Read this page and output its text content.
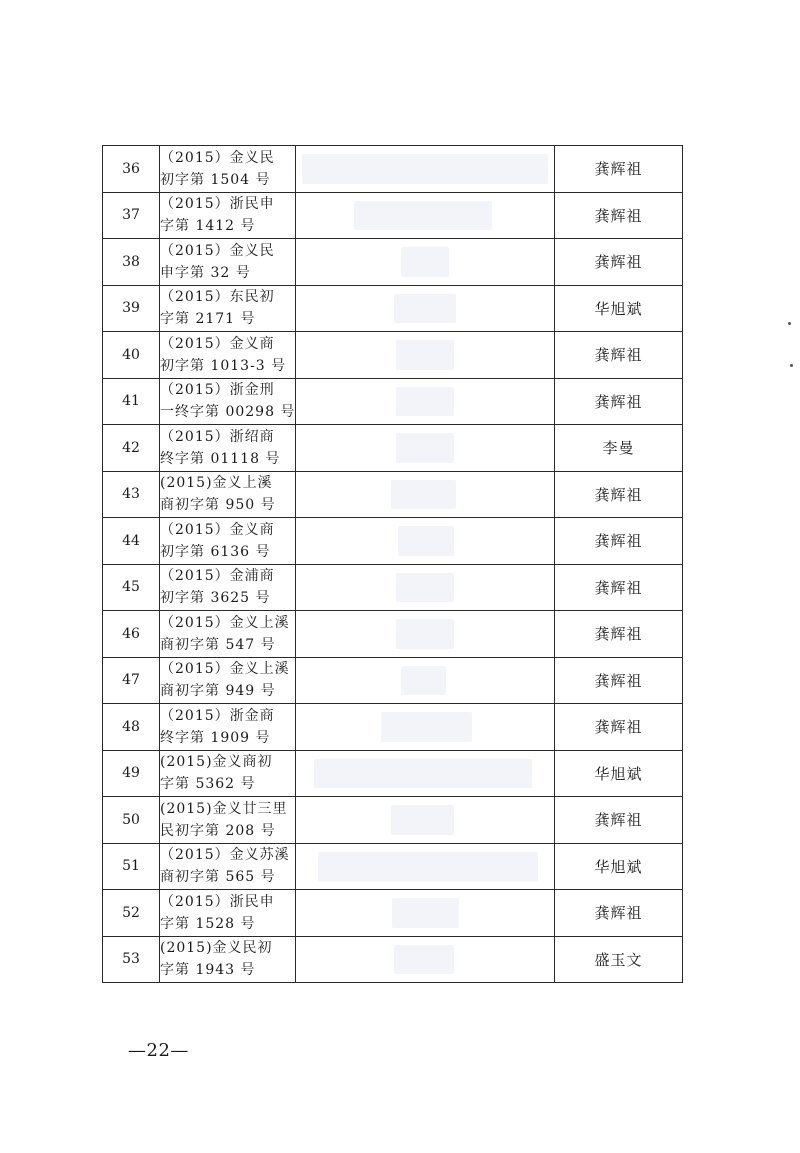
36	（2015）金义民
初字第 1504 号		龚辉祖
37	（2015）浙民申
字第 1412 号		龚辉祖
38	（2015）金义民
申字第 32 号		龚辉祖
39	（2015）东民初
字第 2171 号		华旭斌
40	（2015）金义商
初字第 1013-3 号		龚辉祖
41	（2015）浙金刑
一终字第 00298 号		龚辉祖
42	（2015）浙绍商
终字第 01118 号		李曼
43	(2015)金义上溪
商初字第 950 号		龚辉祖
44	（2015）金义商
初字第 6136 号		龚辉祖
45	（2015）金浦商
初字第 3625 号		龚辉祖
46	（2015）金义上溪
商初字第 547 号		龚辉祖
47	（2015）金义上溪
商初字第 949 号		龚辉祖
48	（2015）浙金商
终字第 1909 号		龚辉祖
49	(2015)金义商初
字第 5362 号		华旭斌
50	(2015)金义廿三里
民初字第 208 号		龚辉祖
51	（2015）金义苏溪
商初字第 565 号		华旭斌
52	（2015）浙民申
字第 1528 号		龚辉祖
53	(2015)金义民初
字第 1943 号		盛玉文
—22—
